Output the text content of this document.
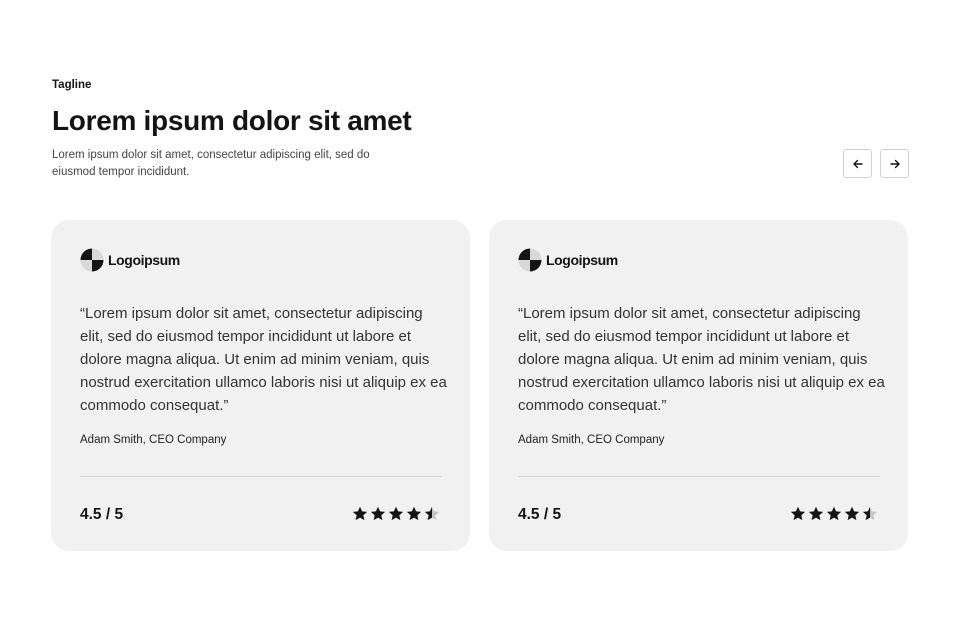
Tagline

Lorem ipsum dolor sit amet

Lorem ipsum dolor sit amet, consectetur adipiscing elit, sed do eiusmod tempor incididunt.

Logoipsum

“Lorem ipsum dolor sit amet, consectetur adipiscing elit, sed do eiusmod tempor incididunt ut labore et dolore magna aliqua. Ut enim ad minim veniam, quis nostrud exercitation ullamco laboris nisi ut aliquip ex ea commodo consequat.”

Adam Smith, CEO Company
4.5 / 5
Logoipsum

“Lorem ipsum dolor sit amet, consectetur adipiscing elit, sed do eiusmod tempor incididunt ut labore et dolore magna aliqua. Ut enim ad minim veniam, quis nostrud exercitation ullamco laboris nisi ut aliquip ex ea commodo consequat.”

Adam Smith, CEO Company
4.5 / 5
